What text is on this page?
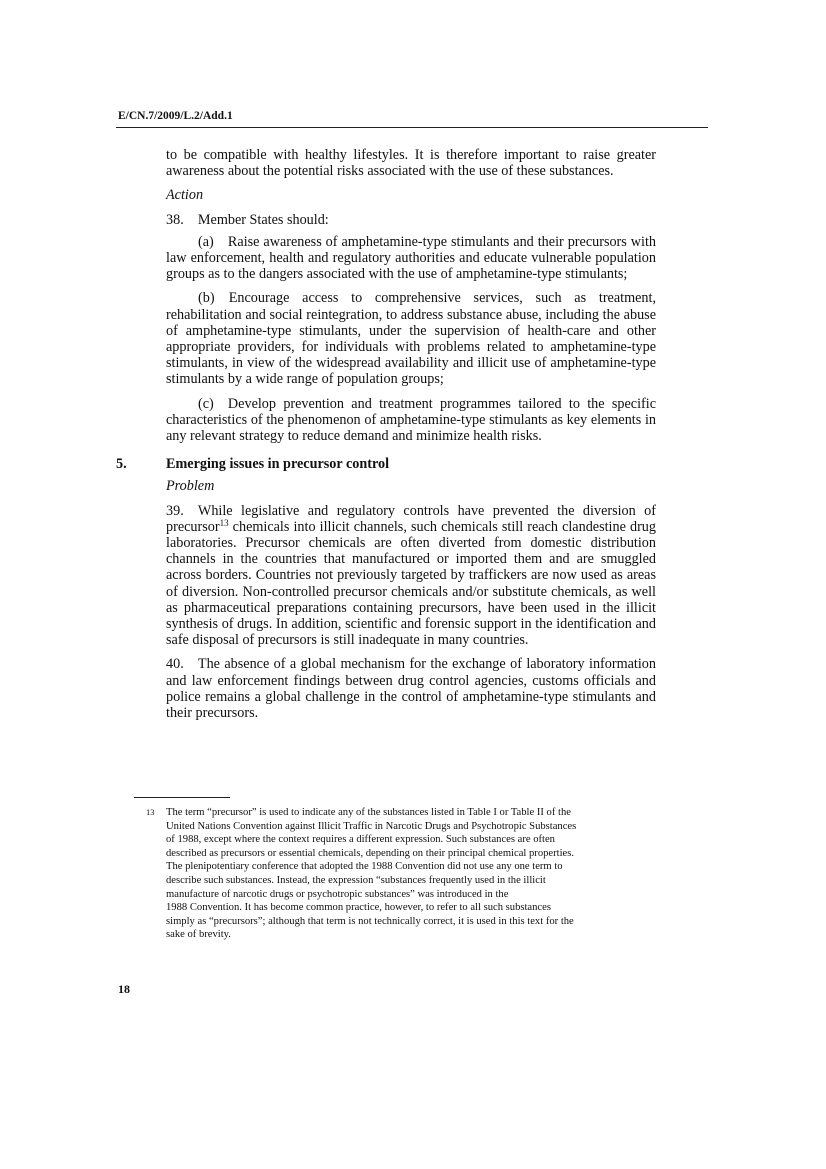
E/CN.7/2009/L.2/Add.1

to be compatible with healthy lifestyles. It is therefore important to raise greater awareness about the potential risks associated with the use of these substances.

Action

38. Member States should:

(a) Raise awareness of amphetamine-type stimulants and their precursors with law enforcement, health and regulatory authorities and educate vulnerable population groups as to the dangers associated with the use of amphetamine-type stimulants;

(b) Encourage access to comprehensive services, such as treatment, rehabilitation and social reintegration, to address substance abuse, including the abuse of amphetamine-type stimulants, under the supervision of health-care and other appropriate providers, for individuals with problems related to amphetamine-type stimulants, in view of the widespread availability and illicit use of amphetamine-type stimulants by a wide range of population groups;

(c) Develop prevention and treatment programmes tailored to the specific characteristics of the phenomenon of amphetamine-type stimulants as key elements in any relevant strategy to reduce demand and minimize health risks.

5.	Emerging issues in precursor control

Problem

39. While legislative and regulatory controls have prevented the diversion of precursor$^{13}$ chemicals into illicit channels, such chemicals still reach clandestine drug laboratories. Precursor chemicals are often diverted from domestic distribution channels in the countries that manufactured or imported them and are smuggled across borders. Countries not previously targeted by traffickers are now used as areas of diversion. Non-controlled precursor chemicals and/or substitute chemicals, as well as pharmaceutical preparations containing precursors, have been used in the illicit synthesis of drugs. In addition, scientific and forensic support in the identification and safe disposal of precursors is still inadequate in many countries.

40. The absence of a global mechanism for the exchange of laboratory information and law enforcement findings between drug control agencies, customs officials and police remains a global challenge in the control of amphetamine-type stimulants and their precursors.

13 The term “precursor” is used to indicate any of the substances listed in Table I or Table II of the
United Nations Convention against Illicit Traffic in Narcotic Drugs and Psychotropic Substances
of 1988, except where the context requires a different expression. Such substances are often
described as precursors or essential chemicals, depending on their principal chemical properties.
The plenipotentiary conference that adopted the 1988 Convention did not use any one term to
describe such substances. Instead, the expression “substances frequently used in the illicit
manufacture of narcotic drugs or psychotropic substances” was introduced in the
1988 Convention. It has become common practice, however, to refer to all such substances
simply as “precursors”; although that term is not technically correct, it is used in this text for the
sake of brevity.
18
